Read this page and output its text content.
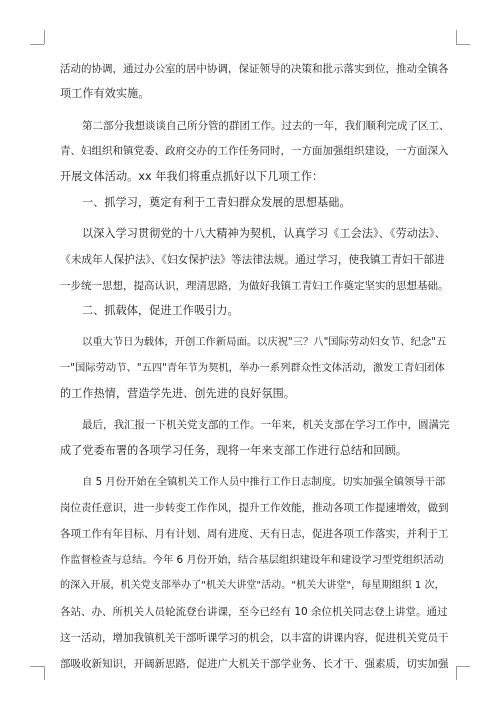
活动的协调，通过办公室的居中协调，保证领导的决策和批示落实到位，推动全镇各
项工作有效实施。
第二部分我想谈谈自己所分管的群团工作。过去的一年，我们顺利完成了区工、
青、妇组织和镇党委、政府交办的工作任务同时，一方面加强组织建设，一方面深入
开展文体活动。xx 年我们将重点抓好以下几项工作：
一、抓学习，奠定有利于工青妇群众发展的思想基础。
以深入学习贯彻党的十八大精神为契机，认真学习《工会法》、《劳动法》、
《未成年人保护法》、《妇女保护法》等法律法规。通过学习，使我镇工青妇干部进
一步统一思想，提高认识，理清思路，为做好我镇工青妇工作奠定坚实的思想基础。
二、抓载体，促进工作吸引力。
以重大节日为载体，开创工作新局面。以庆祝"三？八"国际劳动妇女节、纪念"五
一"国际劳动节、"五四"青年节为契机，举办一系列群众性文体活动，激发工青妇团体
的工作热情，营造学先进、创先进的良好氛围。
最后，我汇报一下机关党支部的工作。一年来，机关支部在学习工作中，圆满完
成了党委布署的各项学习任务，现将一年来支部工作进行总结和回顾。
自 5 月份开始在全镇机关工作人员中推行工作日志制度。切实加强全镇领导干部
岗位责任意识，进一步转变工作作风，提升工作效能，推动各项工作提速增效，做到
各项工作有年目标、月有计划、周有进度、天有日志，促进各项工作落实，并利于工
作监督检查与总结。今年 6 月份开始，结合基层组织建设年和建设学习型党组织活动
的深入开展，机关党支部举办了"机关大讲堂"活动。"机关大讲堂"，每星期组织 1 次，
各站、办、所机关人员轮流登台讲课，至今已经有 10 余位机关同志登上讲堂。通过
这一活动，增加我镇机关干部听课学习的机会，以丰富的讲课内容，促进机关党员干
部吸收新知识，开阔新思路，促进广大机关干部学业务、长才干、强素质，切实加强
